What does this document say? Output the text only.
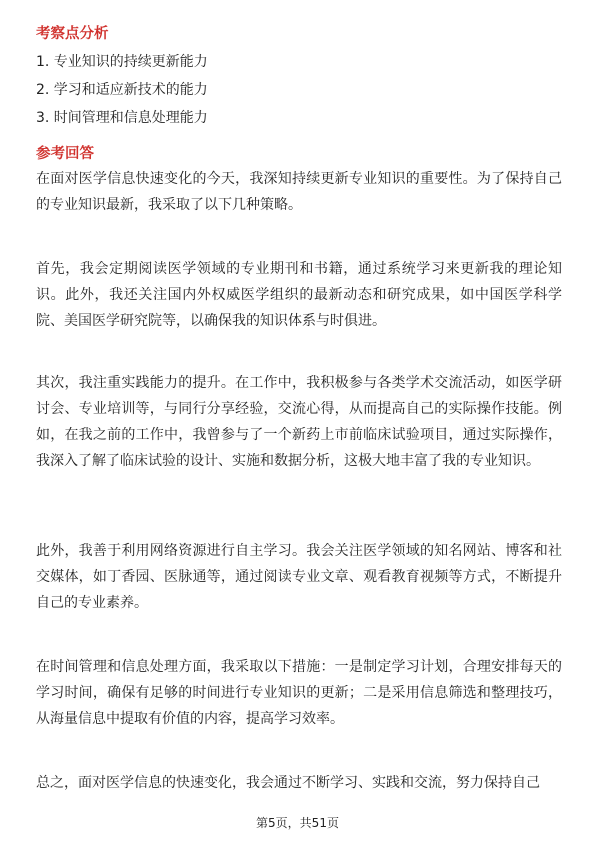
考察点分析
1. 专业知识的持续更新能力
2. 学习和适应新技术的能力
3. 时间管理和信息处理能力
参考回答
在面对医学信息快速变化的今天，我深知持续更新专业知识的重要性。为了保持自己的专业知识最新，我采取了以下几种策略。
首先，我会定期阅读医学领域的专业期刊和书籍，通过系统学习来更新我的理论知识。此外，我还关注国内外权威医学组织的最新动态和研究成果，如中国医学科学院、美国医学研究院等，以确保我的知识体系与时俱进。
其次，我注重实践能力的提升。在工作中，我积极参与各类学术交流活动，如医学研讨会、专业培训等，与同行分享经验，交流心得，从而提高自己的实际操作技能。例如，在我之前的工作中，我曾参与了一个新药上市前临床试验项目，通过实际操作，我深入了解了临床试验的设计、实施和数据分析，这极大地丰富了我的专业知识。
此外，我善于利用网络资源进行自主学习。我会关注医学领域的知名网站、博客和社交媒体，如丁香园、医脉通等，通过阅读专业文章、观看教育视频等方式，不断提升自己的专业素养。
在时间管理和信息处理方面，我采取以下措施：一是制定学习计划，合理安排每天的学习时间，确保有足够的时间进行专业知识的更新；二是采用信息筛选和整理技巧，从海量信息中提取有价值的内容，提高学习效率。
总之，面对医学信息的快速变化，我会通过不断学习、实践和交流，努力保持自己
第5页，共51页
